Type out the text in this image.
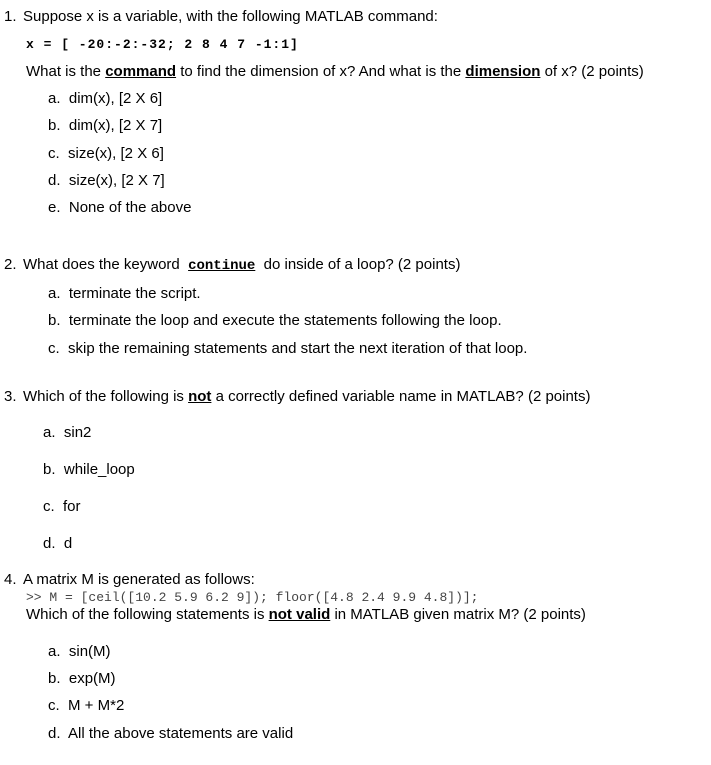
1. Suppose x is a variable, with the following MATLAB command:
x = [ -20:-2:-32; 2 8 4 7 -1:1]
What is the command to find the dimension of x? And what is the dimension of x? (2 points)
a. dim(x), [2 X 6]
b. dim(x), [2 X 7]
c. size(x), [2 X 6]
d. size(x), [2 X 7]
e. None of the above
2. What does the keyword  continue  do inside of a loop? (2 points)
a. terminate the script.
b. terminate the loop and execute the statements following the loop.
c. skip the remaining statements and start the next iteration of that loop.
3. Which of the following is not a correctly defined variable name in MATLAB? (2 points)
a. sin2
b. while_loop
c. for
d. d
4. A matrix M is generated as follows:
>> M = [ceil([10.2 5.9 6.2 9]); floor([4.8 2.4 9.9 4.8])];
Which of the following statements is not valid in MATLAB given matrix M? (2 points)
a. sin(M)
b. exp(M)
c. M + M*2
d. All the above statements are valid
